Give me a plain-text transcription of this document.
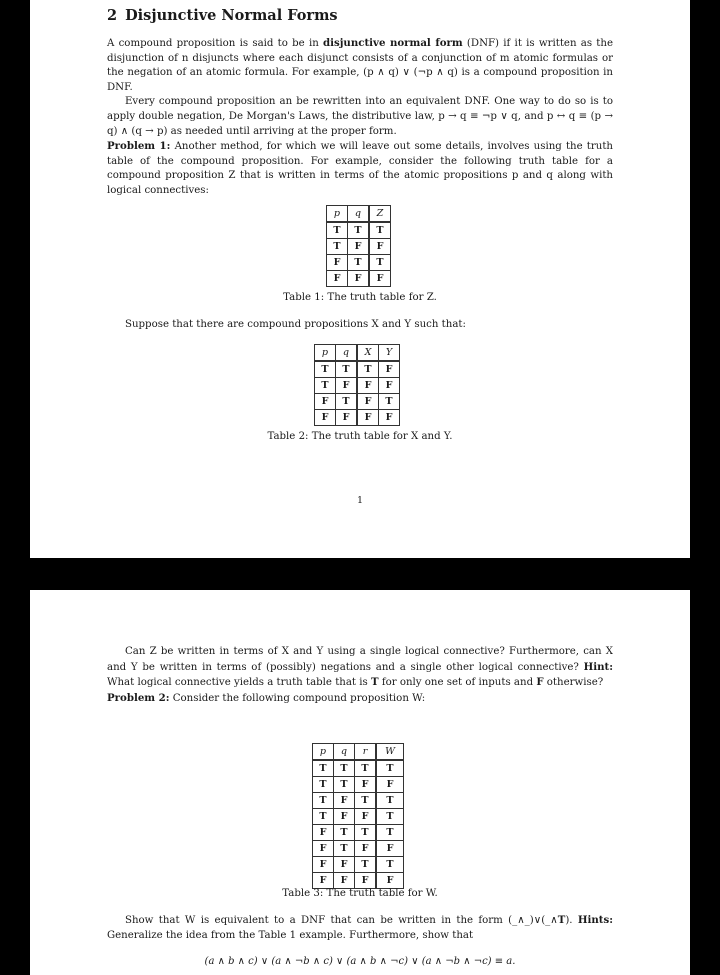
2 Disjunctive Normal Forms

A compound proposition is said to be in disjunctive normal form (DNF) if it is written as the disjunction of n disjuncts where each disjunct consists of a conjunction of m atomic formulas or the negation of an atomic formula. For example, (p ∧ q) ∨ (¬p ∧ q) is a compound proposition in DNF.

Every compound proposition an be rewritten into an equivalent DNF. One way to do so is to apply double negation, De Morgan's Laws, the distributive law, p → q ≡ ¬p ∨ q, and p ↔ q ≡ (p → q) ∧ (q → p) as needed until arriving at the proper form.

Problem 1: Another method, for which we will leave out some details, involves using the truth table of the compound proposition. For example, consider the following truth table for a compound proposition Z that is written in terms of the atomic propositions p and q along with logical connectives:

p	q	Z
T	T	T
T	F	F
F	T	T
F	F	F
Table 1: The truth table for Z.
Suppose that there are compound propositions X and Y such that:
p	q	X	Y
T	T	T	F
T	F	F	F
F	T	F	T
F	F	F	F
Table 2: The truth table for X and Y.
1

Can Z be written in terms of X and Y using a single logical connective? Furthermore, can X and Y be written in terms of (possibly) negations and a single other logical connective? Hint: What logical connective yields a truth table that is T for only one set of inputs and F otherwise?

Problem 2: Consider the following compound proposition W:

p	q	r	W
T	T	T	T
T	T	F	F
T	F	T	T
T	F	F	T
F	T	T	T
F	T	F	F
F	F	T	T
F	F	F	F
Table 3: The truth table for W.

Show that W is equivalent to a DNF that can be written in the form (_∧_)∨(_∧T). Hints: Generalize the idea from the Table 1 example. Furthermore, show that

(a ∧ b ∧ c) ∨ (a ∧ ¬b ∧ c) ∨ (a ∧ b ∧ ¬c) ∨ (a ∧ ¬b ∧ ¬c) ≡ a.
